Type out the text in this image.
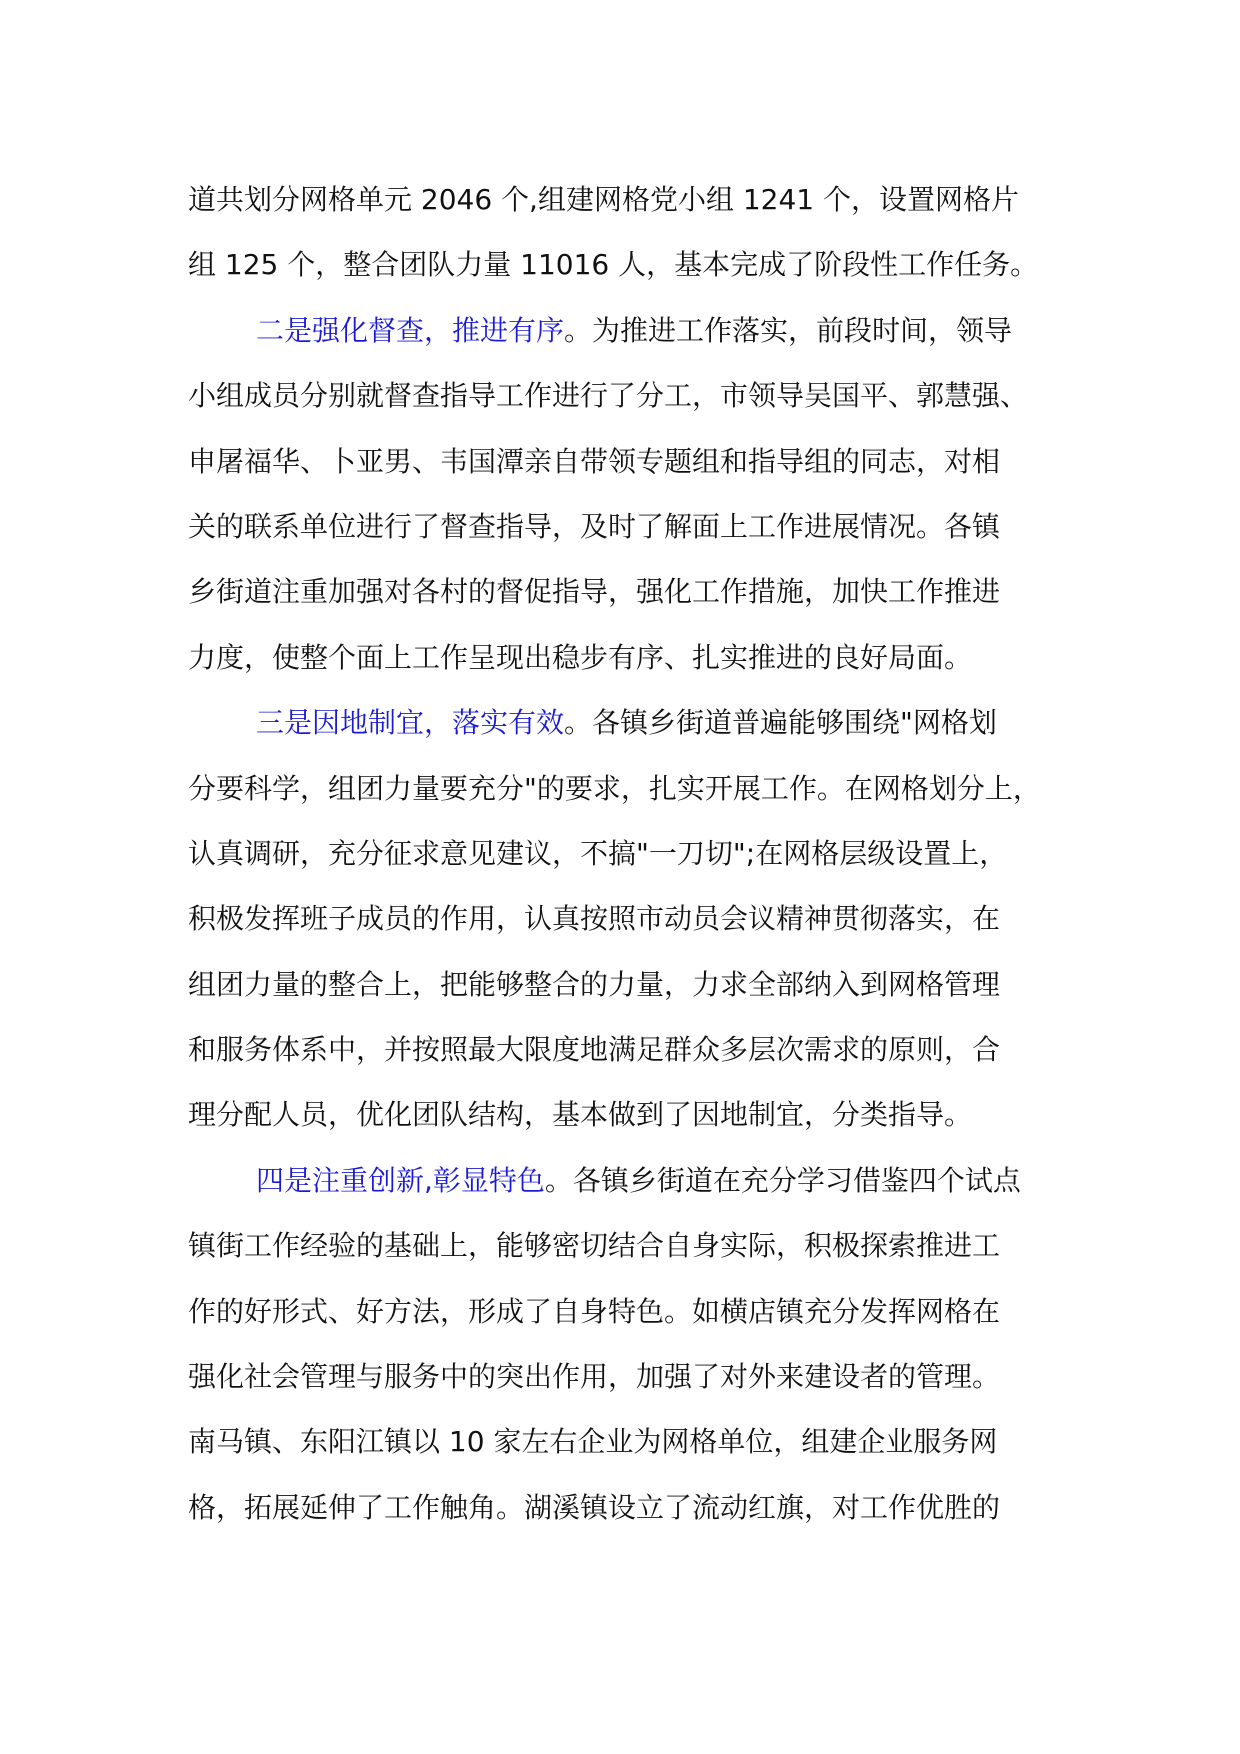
道共划分网格单元 2046 个,组建网格党小组 1241 个，设置网格片
组 125 个，整合团队力量 11016 人，基本完成了阶段性工作任务。
二是强化督查，推进有序。为推进工作落实，前段时间，领导
小组成员分别就督查指导工作进行了分工，市领导吴国平、郭慧强、
申屠福华、卜亚男、韦国潭亲自带领专题组和指导组的同志，对相
关的联系单位进行了督查指导，及时了解面上工作进展情况。各镇
乡街道注重加强对各村的督促指导，强化工作措施，加快工作推进
力度，使整个面上工作呈现出稳步有序、扎实推进的良好局面。
三是因地制宜，落实有效。各镇乡街道普遍能够围绕"网格划
分要科学，组团力量要充分"的要求，扎实开展工作。在网格划分上，
认真调研，充分征求意见建议，不搞"一刀切";在网格层级设置上，
积极发挥班子成员的作用，认真按照市动员会议精神贯彻落实，在
组团力量的整合上，把能够整合的力量，力求全部纳入到网格管理
和服务体系中，并按照最大限度地满足群众多层次需求的原则，合
理分配人员，优化团队结构，基本做到了因地制宜，分类指导。
四是注重创新,彰显特色。各镇乡街道在充分学习借鉴四个试点
镇街工作经验的基础上，能够密切结合自身实际，积极探索推进工
作的好形式、好方法，形成了自身特色。如横店镇充分发挥网格在
强化社会管理与服务中的突出作用，加强了对外来建设者的管理。
南马镇、东阳江镇以 10 家左右企业为网格单位，组建企业服务网
格，拓展延伸了工作触角。湖溪镇设立了流动红旗，对工作优胜的
